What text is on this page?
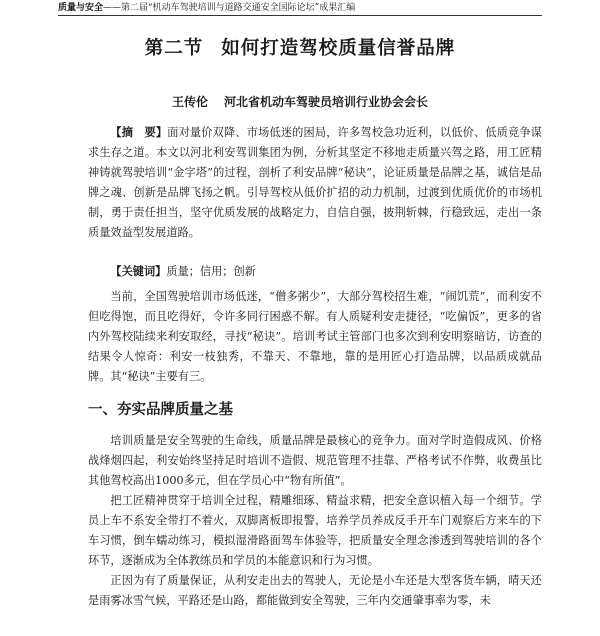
质量与安全——第二届“机动车驾驶培训与道路交通安全国际论坛”成果汇编
第二节 如何打造驾校质量信誉品牌
王传伦 河北省机动车驾驶员培训行业协会会长
【摘　要】面对量价双降、市场低迷的困局，许多驾校急功近利，以低价、低质竞争谋求生存之道。本文以河北利安驾训集团为例，分析其坚定不移地走质量兴驾之路，用工匠精神铸就驾驶培训“金字塔”的过程，剖析了利安品牌“秘诀”，论证质量是品牌之基，诚信是品牌之魂、创新是品牌飞扬之帆。引导驾校从低价扩招的动力机制，过渡到优质优价的市场机制，勇于责任担当，坚守优质发展的战略定力，自信自强，披荆斩棘，行稳致远，走出一条质量效益型发展道路。
【关键词】质量；信用；创新

当前，全国驾驶培训市场低迷，“僧多粥少”，大部分驾校招生难，“闹饥荒”，而利安不但吃得饱，而且吃得好，令许多同行困惑不解。有人质疑利安走捷径，“吃偏饭”，更多的省内外驾校陆续来利安取经，寻找“秘诀”。培训考试主管部门也多次到利安明察暗访，访查的结果令人惊奇：利安一枝独秀，不靠天、不靠地，靠的是用匠心打造品牌，以品质成就品牌。其“秘诀”主要有三。

一、夯实品牌质量之基

培训质量是安全驾驶的生命线，质量品牌是最核心的竞争力。面对学时造假成风、价格战烽烟四起，利安始终坚持足时培训不造假、规范管理不挂靠、严格考试不作弊，收费虽比其他驾校高出1000多元，但在学员心中“物有所值”。

把工匠精神贯穿于培训全过程，精雕细琢、精益求精，把安全意识植入每一个细节。学员上车不系安全带打不着火，双脚离板即报警，培养学员养成反手开车门观察后方来车的下车习惯，倒车蠕动练习，模拟湿滑路面驾车体验等，把质量安全理念渗透到驾驶培训的各个环节，逐渐成为全体教练员和学员的本能意识和行为习惯。

正因为有了质量保证，从利安走出去的驾驶人，无论是小车还是大型客货车辆，晴天还是雨雾冰雪气候，平路还是山路，都能做到安全驾驶，三年内交通肇事率为零，未
